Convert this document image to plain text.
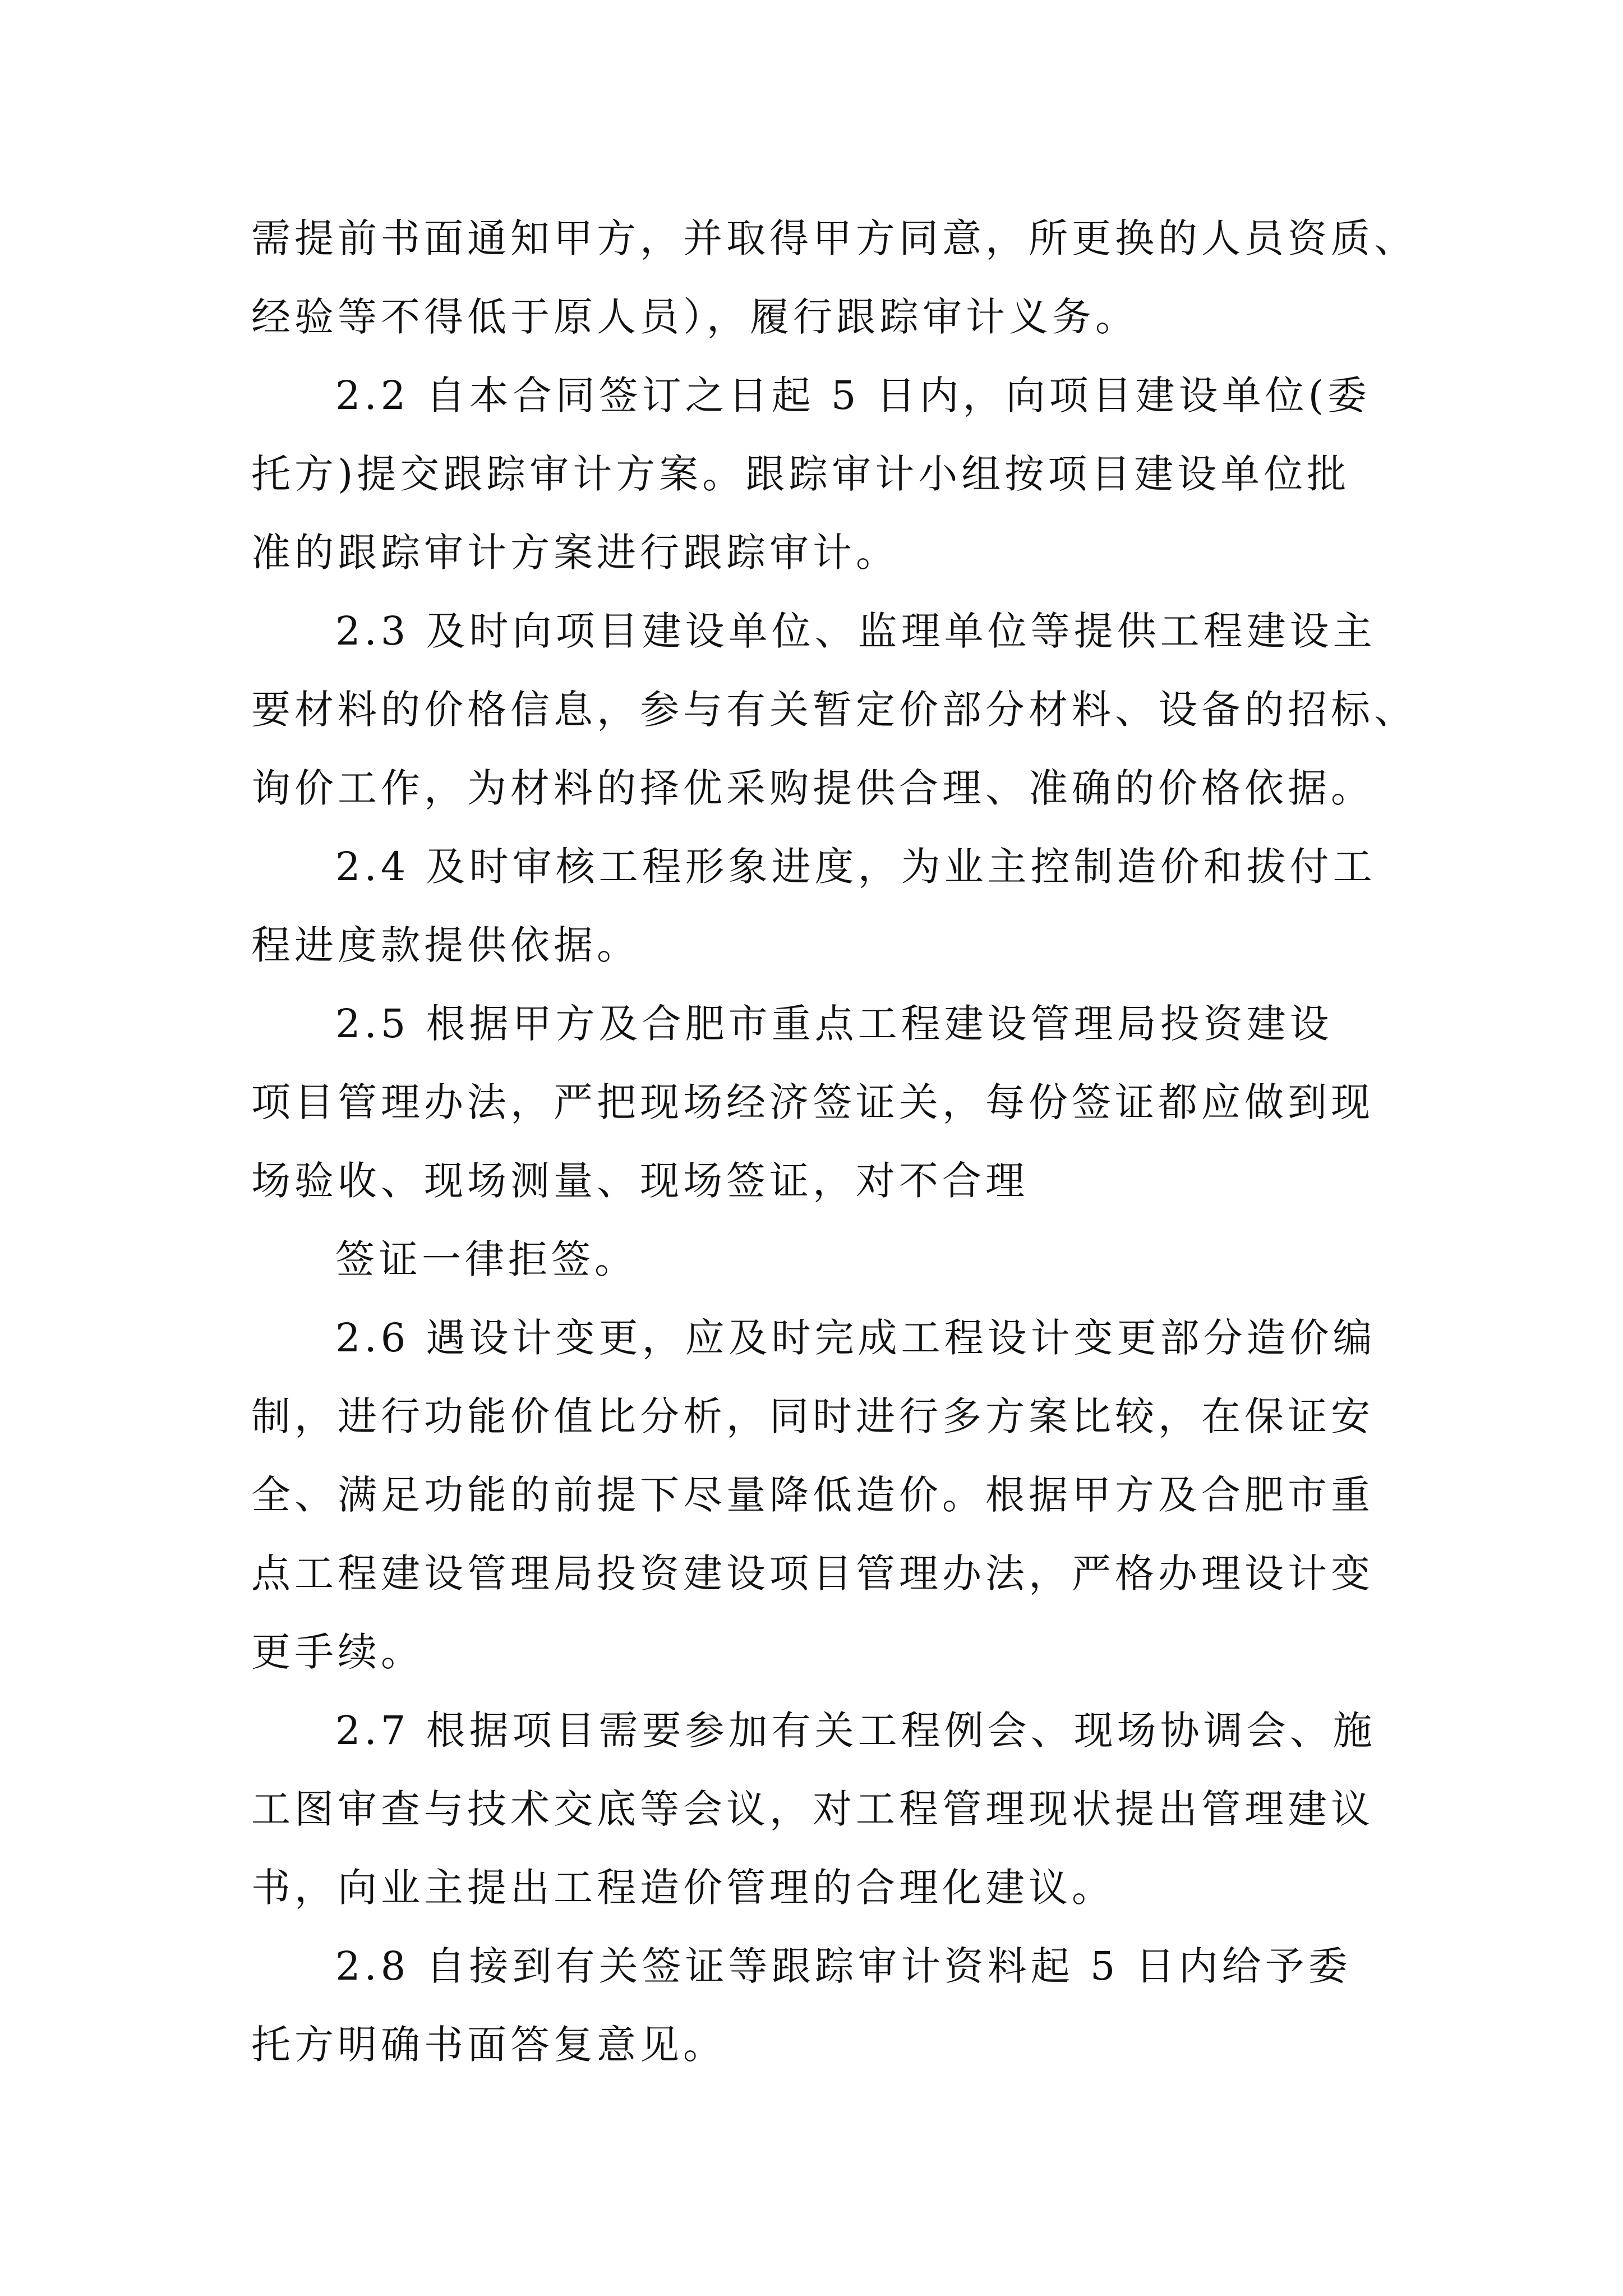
需提前书面通知甲方，并取得甲方同意，所更换的人员资质、

经验等不得低于原人员），履行跟踪审计义务。

2.2 自本合同签订之日起 5 日内，向项目建设单位(委

托方)提交跟踪审计方案。跟踪审计小组按项目建设单位批

准的跟踪审计方案进行跟踪审计。

2.3 及时向项目建设单位、监理单位等提供工程建设主

要材料的价格信息，参与有关暂定价部分材料、设备的招标、

询价工作，为材料的择优采购提供合理、准确的价格依据。

2.4 及时审核工程形象进度，为业主控制造价和拔付工

程进度款提供依据。

2.5 根据甲方及合肥市重点工程建设管理局投资建设

项目管理办法，严把现场经济签证关，每份签证都应做到现

场验收、现场测量、现场签证，对不合理

签证一律拒签。

2.6 遇设计变更，应及时完成工程设计变更部分造价编

制，进行功能价值比分析，同时进行多方案比较，在保证安

全、满足功能的前提下尽量降低造价。根据甲方及合肥市重

点工程建设管理局投资建设项目管理办法，严格办理设计变

更手续。

2.7 根据项目需要参加有关工程例会、现场协调会、施

工图审查与技术交底等会议，对工程管理现状提出管理建议

书，向业主提出工程造价管理的合理化建议。

2.8 自接到有关签证等跟踪审计资料起 5 日内给予委

托方明确书面答复意见。
